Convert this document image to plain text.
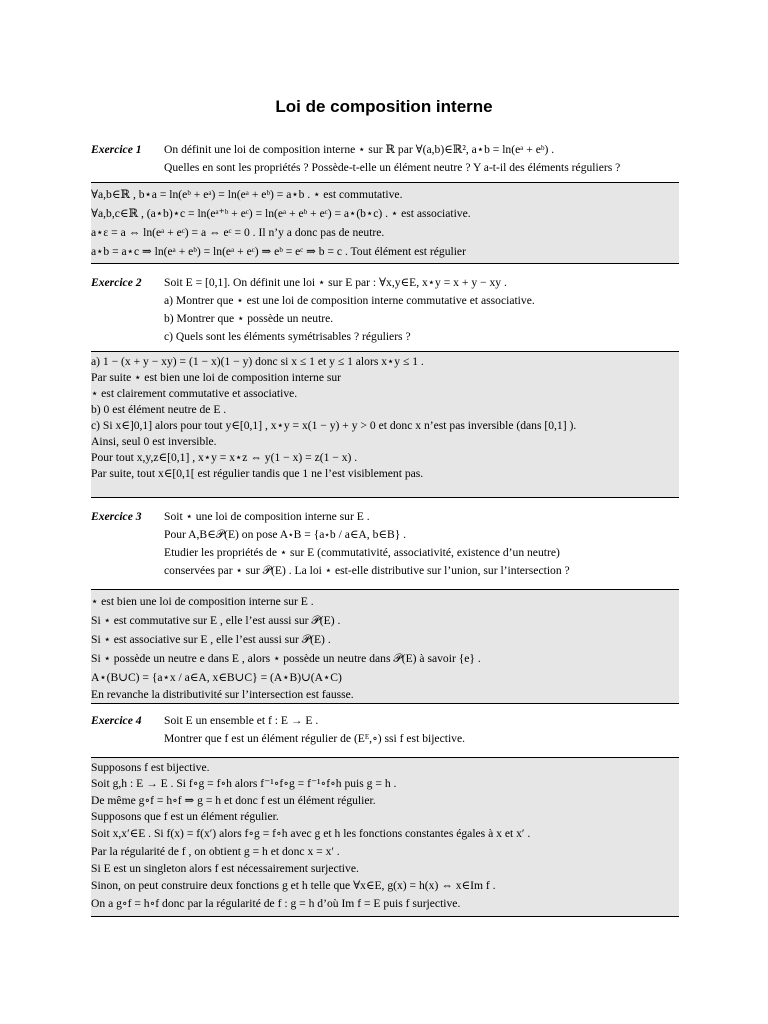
Loi de composition interne
Exercice 1 On définit une loi de composition interne ⋆ sur ℝ par ∀(a,b)∈ℝ², a⋆b = ln(eᵃ + eᵇ) .
Quelles en sont les propriétés ? Possède-t-elle un élément neutre ? Y a-t-il des éléments réguliers ?
∀a,b∈ℝ , b⋆a = ln(eᵇ + eᵃ) = ln(eᵃ + eᵇ) = a⋆b . ⋆ est commutative.
∀a,b,c∈ℝ , (a⋆b)⋆c = ln(eᵃ⁺ᵇ + eᶜ) = ln(eᵃ + eᵇ + eᶜ) = a⋆(b⋆c) . ⋆ est associative.
a⋆ε = a ⇔ ln(eᵃ + eᶜ) = a ⇔ eᶜ = 0 . Il n’y a donc pas de neutre.
a⋆b = a⋆c ⇒ ln(eᵃ + eᵇ) = ln(eᵃ + eᶜ) ⇒ eᵇ = eᶜ ⇒ b = c . Tout élément est régulier
Exercice 2 Soit E = [0,1]. On définit une loi ⋆ sur E par : ∀x,y∈E, x⋆y = x + y − xy .
a) Montrer que ⋆ est une loi de composition interne commutative et associative.
b) Montrer que ⋆ possède un neutre.
c) Quels sont les éléments symétrisables ? réguliers ?
a) 1 − (x + y − xy) = (1 − x)(1 − y) donc si x ≤ 1 et y ≤ 1 alors x⋆y ≤ 1 .
Par suite ⋆ est bien une loi de composition interne sur
⋆ est clairement commutative et associative.
b) 0 est élément neutre de E .
c) Si x∈]0,1] alors pour tout y∈[0,1] , x⋆y = x(1 − y) + y > 0 et donc x n’est pas inversible (dans [0,1] ).
Ainsi, seul 0 est inversible.
Pour tout x,y,z∈[0,1] , x⋆y = x⋆z ⇔ y(1 − x) = z(1 − x) .
Par suite, tout x∈[0,1[ est régulier tandis que 1 ne l’est visiblement pas.
Exercice 3 Soit ⋆ une loi de composition interne sur E .
Pour A,B∈𝒫(E) on pose A⋆B = {a⋆b / a∈A, b∈B} .
Etudier les propriétés de ⋆ sur E (commutativité, associativité, existence d’un neutre)
conservées par ⋆ sur 𝒫(E) . La loi ⋆ est-elle distributive sur l’union, sur l’intersection ?
⋆ est bien une loi de composition interne sur E .
Si ⋆ est commutative sur E , elle l’est aussi sur 𝒫(E) .
Si ⋆ est associative sur E , elle l’est aussi sur 𝒫(E) .
Si ⋆ possède un neutre e dans E , alors ⋆ possède un neutre dans 𝒫(E) à savoir {e} .
A⋆(B∪C) = {a⋆x / a∈A, x∈B∪C} = (A⋆B)∪(A⋆C)
En revanche la distributivité sur l’intersection est fausse.
Exercice 4 Soit E un ensemble et f : E → E .
Montrer que f est un élément régulier de (Eᴱ,∘) ssi f est bijective.
Supposons f est bijective.
Soit g,h : E → E . Si f∘g = f∘h alors f⁻¹∘f∘g = f⁻¹∘f∘h puis g = h .
De même g∘f = h∘f ⇒ g = h et donc f est un élément régulier.
Supposons que f est un élément régulier.
Soit x,x′∈E . Si f(x) = f(x′) alors f∘g = f∘h avec g et h les fonctions constantes égales à x et x′ .
Par la régularité de f , on obtient g = h et donc x = x′ .
Si E est un singleton alors f est nécessairement surjective.
Sinon, on peut construire deux fonctions g et h telle que ∀x∈E, g(x) = h(x) ⇔ x∈Im f .
On a g∘f = h∘f donc par la régularité de f : g = h d’où Im f = E puis f surjective.
